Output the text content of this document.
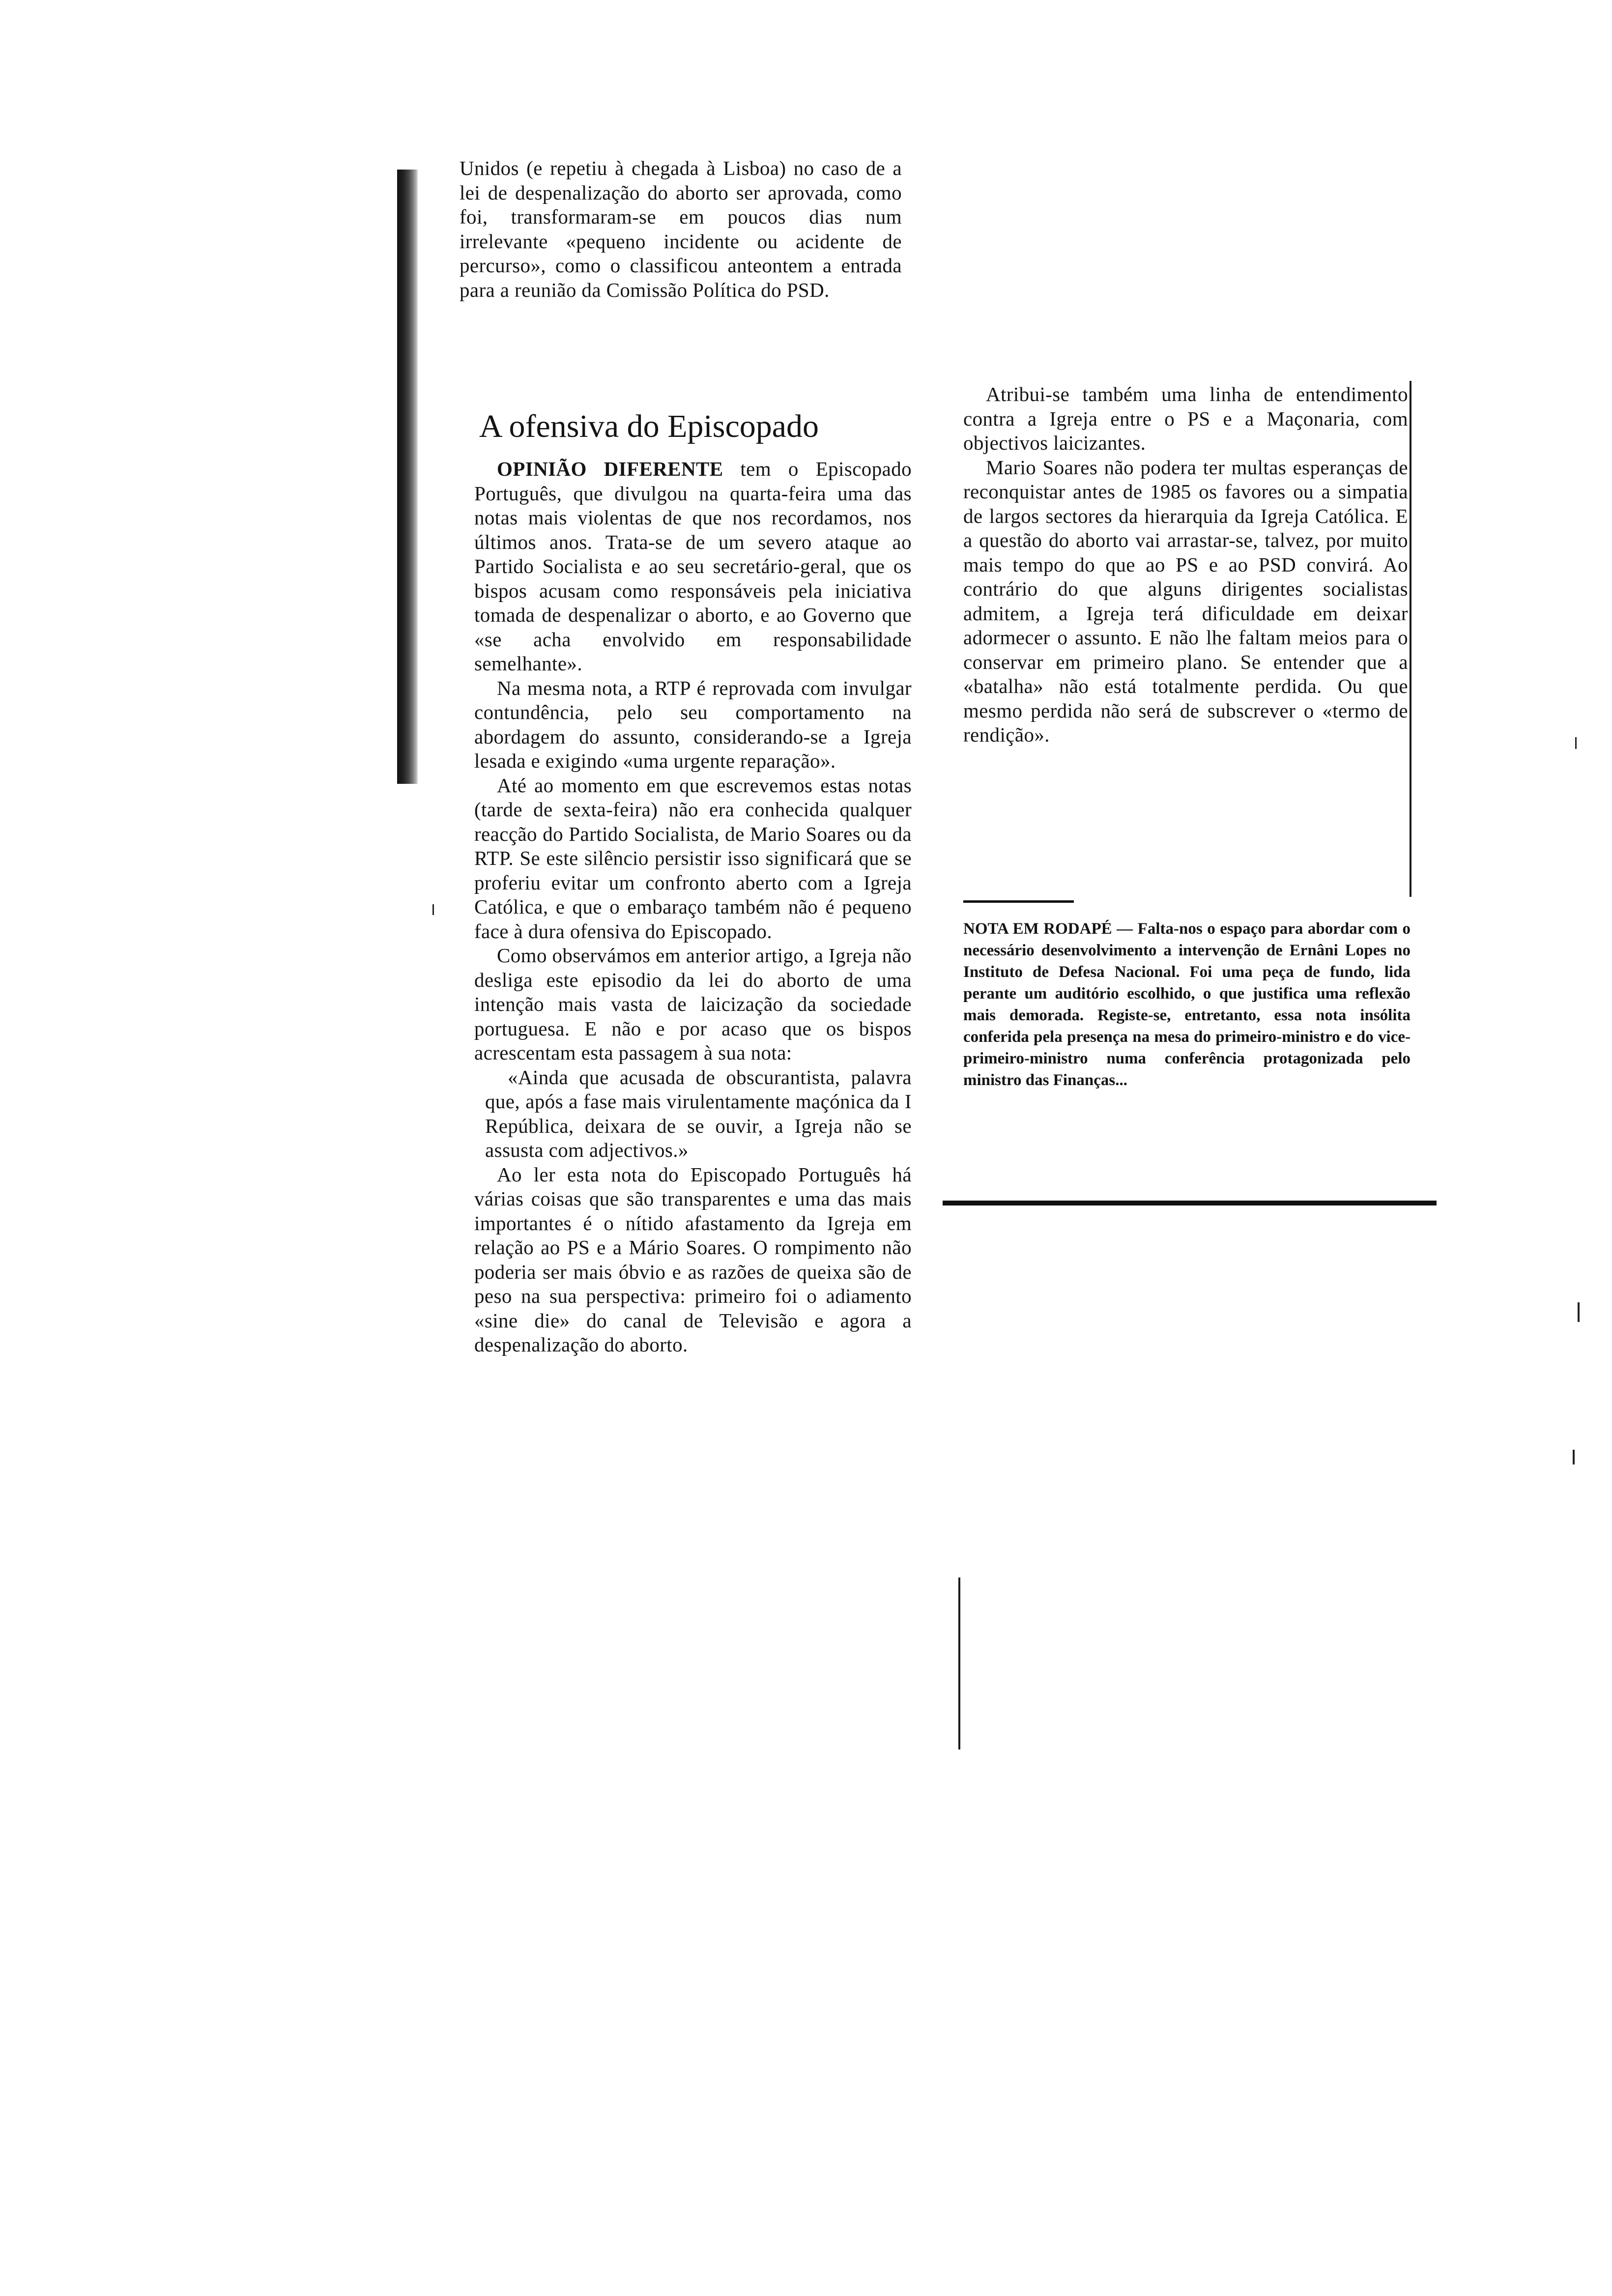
Unidos (e repetiu à chegada à Lisboa) no caso de a lei de despenalização do aborto ser aprovada, como foi, transformaram-se em poucos dias num irrelevante «pequeno incidente ou acidente de percurso», como o classificou anteontem a entrada para a reunião da Comissão Política do PSD.

A ofensiva do Episcopado

OPINIÃO DIFERENTE tem o Episcopado Português, que divulgou na quarta-feira uma das notas mais violentas de que nos recordamos, nos últimos anos. Trata-se de um severo ataque ao Partido Socialista e ao seu secretário-geral, que os bispos acusam como responsáveis pela iniciativa tomada de despenalizar o aborto, e ao Governo que «se acha envolvido em responsabilidade semelhante».

Na mesma nota, a RTP é reprovada com invulgar contundência, pelo seu comportamento na abordagem do assunto, considerando-se a Igreja lesada e exigindo «uma urgente reparação».

Até ao momento em que escrevemos estas notas (tarde de sexta-feira) não era conhecida qualquer reacção do Partido Socialista, de Mario Soares ou da RTP. Se este silêncio persistir isso significará que se proferiu evitar um confronto aberto com a Igreja Católica, e que o embaraço também não é pequeno face à dura ofensiva do Episcopado.

Como observámos em anterior artigo, a Igreja não desliga este episodio da lei do aborto de uma intenção mais vasta de laicização da sociedade portuguesa. E não e por acaso que os bispos acrescentam esta passagem à sua nota:

«Ainda que acusada de obscurantista, palavra que, após a fase mais virulentamente maçónica da I República, deixara de se ouvir, a Igreja não se assusta com adjectivos.»

Ao ler esta nota do Episcopado Português há várias coisas que são transparentes e uma das mais importantes é o nítido afastamento da Igreja em relação ao PS e a Mário Soares. O rompimento não poderia ser mais óbvio e as razões de queixa são de peso na sua perspectiva: primeiro foi o adiamento «sine die» do canal de Televisão e agora a despenalização do aborto.

Atribui-se também uma linha de entendimento contra a Igreja entre o PS e a Maçonaria, com objectivos laicizantes.

Mario Soares não podera ter multas esperanças de reconquistar antes de 1985 os favores ou a simpatia de largos sectores da hierarquia da Igreja Católica. E a questão do aborto vai arrastar-se, talvez, por muito mais tempo do que ao PS e ao PSD convirá. Ao contrário do que alguns dirigentes socialistas admitem, a Igreja terá dificuldade em deixar adormecer o assunto. E não lhe faltam meios para o conservar em primeiro plano. Se entender que a «batalha» não está totalmente perdida. Ou que mesmo perdida não será de subscrever o «termo de rendição».

NOTA EM RODAPÉ — Falta-nos o espaço para abordar com o necessário desenvolvimento a intervenção de Ernâni Lopes no Instituto de Defesa Nacional. Foi uma peça de fundo, lida perante um auditório escolhido, o que justifica uma reflexão mais demorada. Registe-se, entretanto, essa nota insólita conferida pela presença na mesa do primeiro-ministro e do vice-primeiro-ministro numa conferência protagonizada pelo ministro das Finanças...
